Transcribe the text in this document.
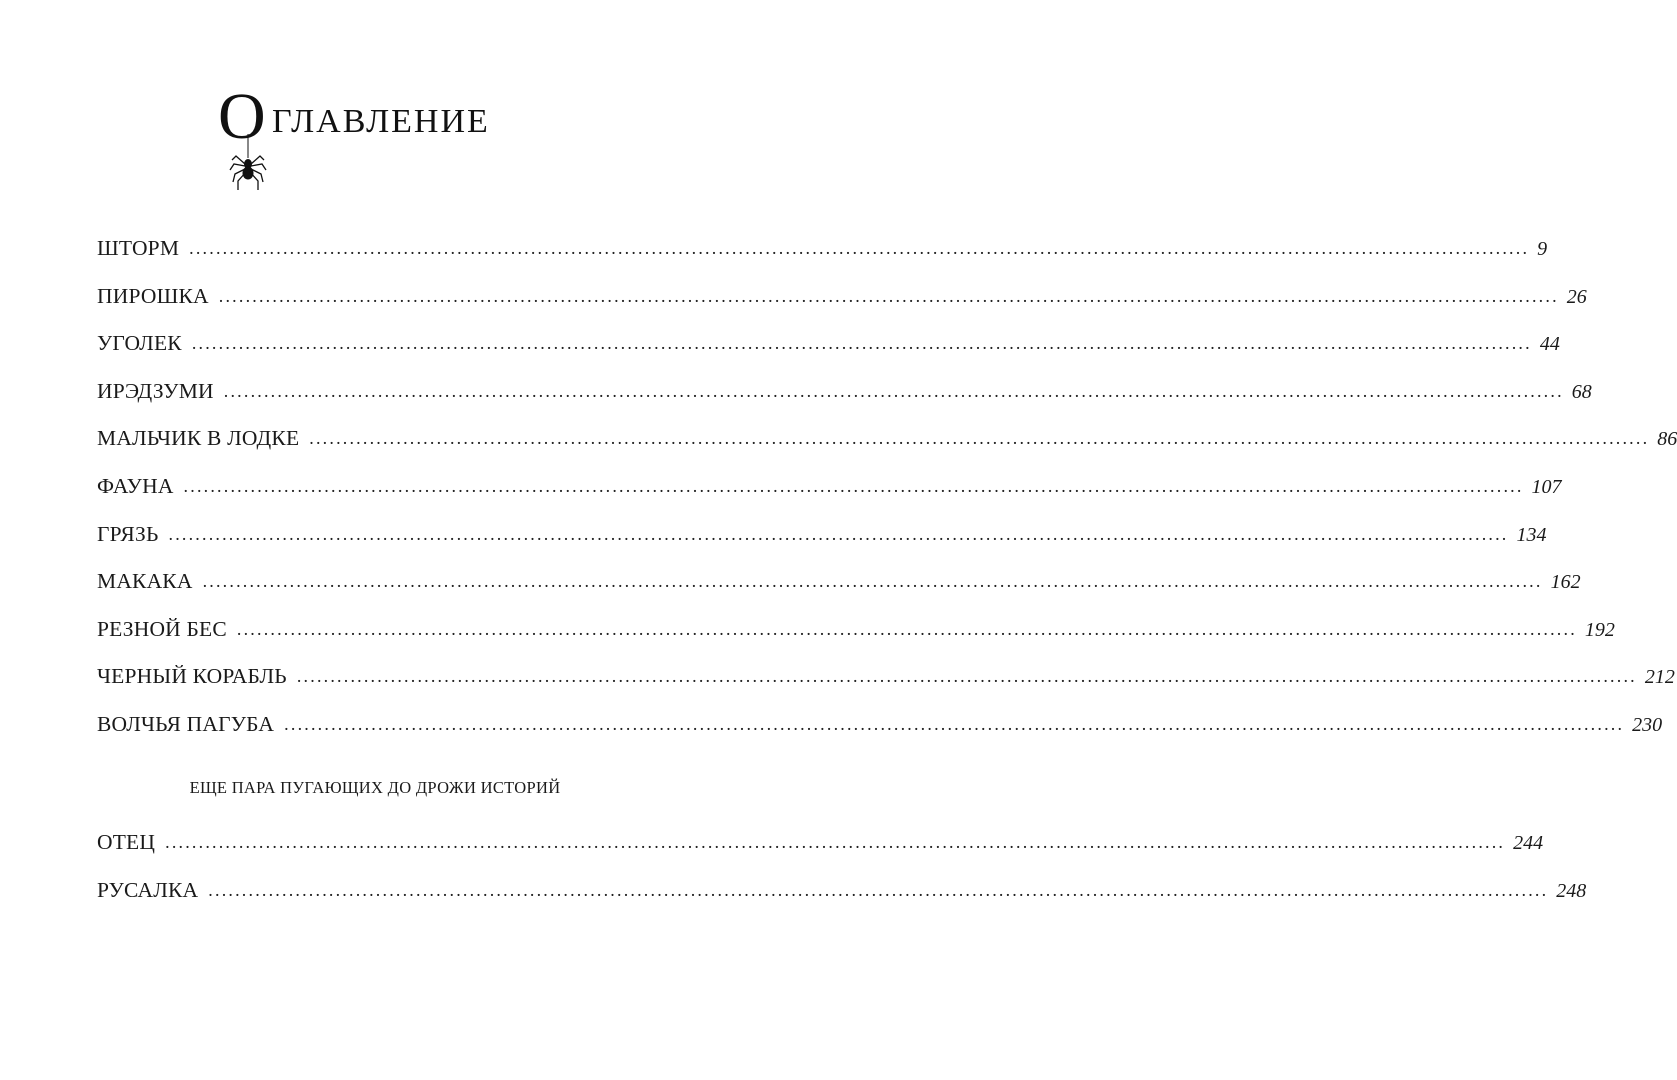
О ГЛАВЛЕНИЕ
ШТОРМ ........................................................................................................................................................................................................ 9
ПИРОШКА ........................................................................................................................................................................................................ 26
УГОЛЕК ........................................................................................................................................................................................................ 44
ИРЭДЗУМИ ........................................................................................................................................................................................................ 68
МАЛЬЧИК В ЛОДКЕ ........................................................................................................................................................................................................ 86
ФАУНА ........................................................................................................................................................................................................ 107
ГРЯЗЬ ........................................................................................................................................................................................................ 134
МАКАКА ........................................................................................................................................................................................................ 162
РЕЗНОЙ БЕС ........................................................................................................................................................................................................ 192
ЧЕРНЫЙ КОРАБЛЬ ........................................................................................................................................................................................................ 212
ВОЛЧЬЯ ПАГУБА ........................................................................................................................................................................................................ 230
ЕЩЕ ПАРА ПУГАЮЩИХ ДО ДРОЖИ ИСТОРИЙ
ОТЕЦ ........................................................................................................................................................................................................ 244
РУСАЛКА ........................................................................................................................................................................................................ 248
